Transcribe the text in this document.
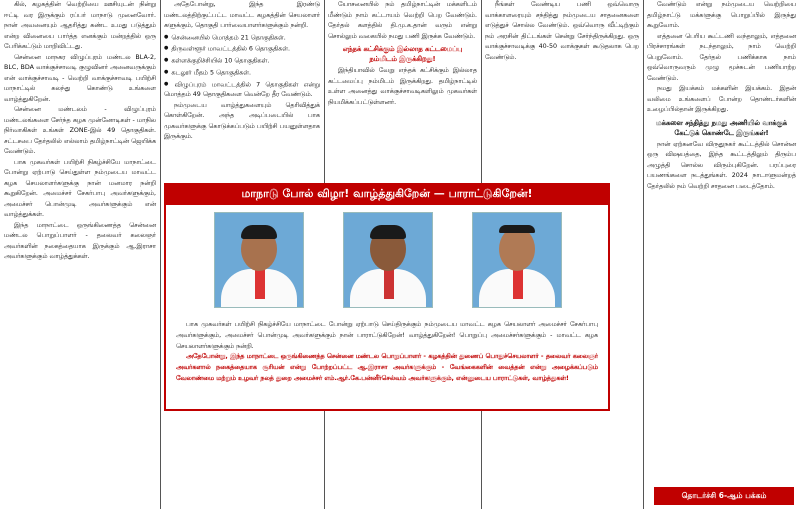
கில், கழகத்தின் வெற்றியை ஊசியுடன் நின்று ஈட்டி வர இருக்கும் ரப்பர் மாநாடு முனைவோர். நான் அவனையும் ஆதரித்து கண்ட உமது படுத்தும் என்ற வினையை பார்த்த எனக்கும் மன்றத்தில் ஒரு பேரிக்கட்டும் மாறிவிட்டது.

சென்னை மாநகர விழுப்புரம் மண்டல BLA-2, BLC, BDA வாக்குச்சாவடி குழுவினர் அனைவருக்கும் என் வாக்குச்சாவடி - வெற்றி வாக்குச்சாவடி பயிற்சி மாநாட்டில் கலந்து கொண்டு உங்களை வாழ்த்துகிறேன்.

சென்னை மண்டலம் - விழுப்புரம் மண்டலங்களை சேர்ந்த கழக முன்னோடிகள் - மாநில நிர்வாகிகள் உங்கள் ZONE-இல் 49 தொகுதிகள். சட்டசபை தேர்தலில் எல்லாம் தமிழ்நாட்டின் ஜெயிக்க வேண்டும்.

பாக முகவர்கள் பயிற்சி நிகழ்ச்சியே மாநாட்டை போன்று ஏற்பாடு செய்துள்ள நம்முடைய மாவட்ட கழக செயலாளர்களுக்கு நான் மனமார நன்றி கூறுகிறேன். அமைச்சர் சேகர்பாபு அவர்களுக்கும், அமைச்சர் பொன்முடி அவர்களுக்கும் என் வாழ்த்துக்கள்.

இந்த மாநாட்டை ஒருங்கிணைத்த சென்னை மண்டல பொறுப்பாளர் - தலைவர் கலைஞர் அவர்களின் நகைத்தையாக இருக்கும் ஆ.இராசா அவர்களுக்கும் வாழ்த்துக்கள்.

அதேபோன்று, இந்த இரண்டு மண்டலத்திற்குட்பட்ட மாவட்ட கழகத்தின் செயலாளர் களுக்கும், தொகுதி பார்வையாளர்களுக்கும் நன்றி.

● சென்னையில் மொத்தம் 21 தொகுதிகள்.
● திருவள்ளூர் மாவட்டத்தில் 6 தொகுதிகள்.
● கள்ளக்குறிச்சியில் 10 தொகுதிகள்.
● கடலூர் மீதம் 5 தொகுதிகள்.
● விழுப்புரம் மாவட்டத்தில் 7 தொகுதிகள் என்று மொத்தம் 49 தொகுதிகளை வென்றே தீர வேண்டும்.

நம்முடைய வாழ்த்துகளையும் தெரிவித்துக் கொள்கிறேன். அந்த அடிப்படையில் பாக முகவர்களுக்கு கொடுக்கப்படும் பயிற்சி பயனுள்ளதாக இருக்கும்.

யோசனையில் நம் தமிழ்நாட்டின் மக்களிடம் மீண்டும் நாம் கட்டாயம் வெற்றி பெற வேண்டும். தேர்தல் களத்தில் தி.மு.க.தான் வரும் என்று சொல்லும் வகையில் நமது பணி இருக்க வேண்டும்.

எந்தக் கட்சிக்கும் இல்லாத கட்டமைப்பு நம்மிடம் இருக்கிறது!

இந்தியாவில் வேறு எந்தக் கட்சிக்கும் இல்லாத கட்டமைப்பு நம்மிடம் இருக்கிறது. தமிழ்நாட்டில் உள்ள அனைத்து வாக்குச்சாவடிகளிலும் முகவர்கள் நியமிக்கப்பட்டுள்ளனர்.

நீங்கள் வேண்டிய பணி ஒவ்வொரு வாக்காளரையும் சந்தித்து நம்முடைய சாதனைகளை எடுத்துச் சொல்ல வேண்டும். ஒவ்வொரு வீட்டிற்கும் நம் அரசின் திட்டங்கள் சென்று சேர்ந்திருக்கிறது. ஒரு வாக்குச்சாவடிக்கு 40-50 வாக்குகள் கூடுதலாக பெற வேண்டும்.

வேண்டும் என்று நம்முடைய வெற்றியை தமிழ்நாட்டு மக்களுக்கு பொறுப்பில் இருந்து கூறுவோம்.

எத்தனை பெரிய கூட்டணி வந்தாலும், எத்தனை பிரச்சாரங்கள் நடந்தாலும், நாம் வெற்றி பெறுவோம். தேர்தல் பணிக்காக நாம் ஒவ்வொருவரும் முழு மூச்சுடன் பணியாற்ற வேண்டும்.

நமது இயக்கம் மக்களின் இயக்கம். இதன் வலிமை உங்களைப் போன்ற தொண்டர்களின் உழைப்பில்தான் இருக்கிறது.

மக்களை சந்தித்து நமது அணியில் வாக்குக் கேட்டுக் கொண்டே இருங்கள்!

நான் ஏற்கனவே விருதுநகர் கூட்டத்தில் சொன்ன ஒரு விஷயத்தை, இந்த கூட்டத்திலும் திரும்ப அழுத்தி சொல்ல விரும்புகிறேன். பரப்புரை பயணங்களை நடத்துங்கள். 2024 நாடாளுமன்றத் தேர்தலில் நம் வெற்றி சாதனை படைத்தோம்.

மாநாடு போல் விழா! வாழ்த்துகிறேன் — பாராட்டுகிறேன்!

பாக முகவர்கள் பயிற்சி நிகழ்ச்சியே மாநாட்டை போன்று ஏற்பாடு செய்திருக்கும் நம்முடைய மாவட்ட கழக செயலாளர் அமைச்சர் சேகர்பாபு அவர்களுக்கும், அமைச்சர் பொன்முடி அவர்களுக்கும் நான் பாராட்டுகிறேன்! வாழ்த்துகிறேன்! பொறுப்பு அமைச்சர்களுக்கும் - மாவட்ட கழக செயலாளர்களுக்கும் நன்றி.

அதேபோன்று, இந்த மாநாட்டை ஒருங்கிணைத்த சென்னை மண்டல பொறுப்பாளர் - கழகத்தின் துணைப் பொதுச்செயலாளர் - தலைவர் கலைஞர் அவர்களால் நகைத்தையாக சூரியன் என்று போற்றப்பட்ட ஆ.இராசா அவர்களுக்கும் - வேங்கைகளின் வைத்தன் என்று அழைக்கப்படும் வேலாண்மை மற்றும் உழவர் நலத் துறை அமைச்சர் எம்.ஆர்.கே.பன்னீர்செல்வம் அவர்களுக்கும், என்னுடைய பாராட்டுகள், வாழ்த்துகள்!

தொடர்ச்சி 6-ஆம் பக்கம்
